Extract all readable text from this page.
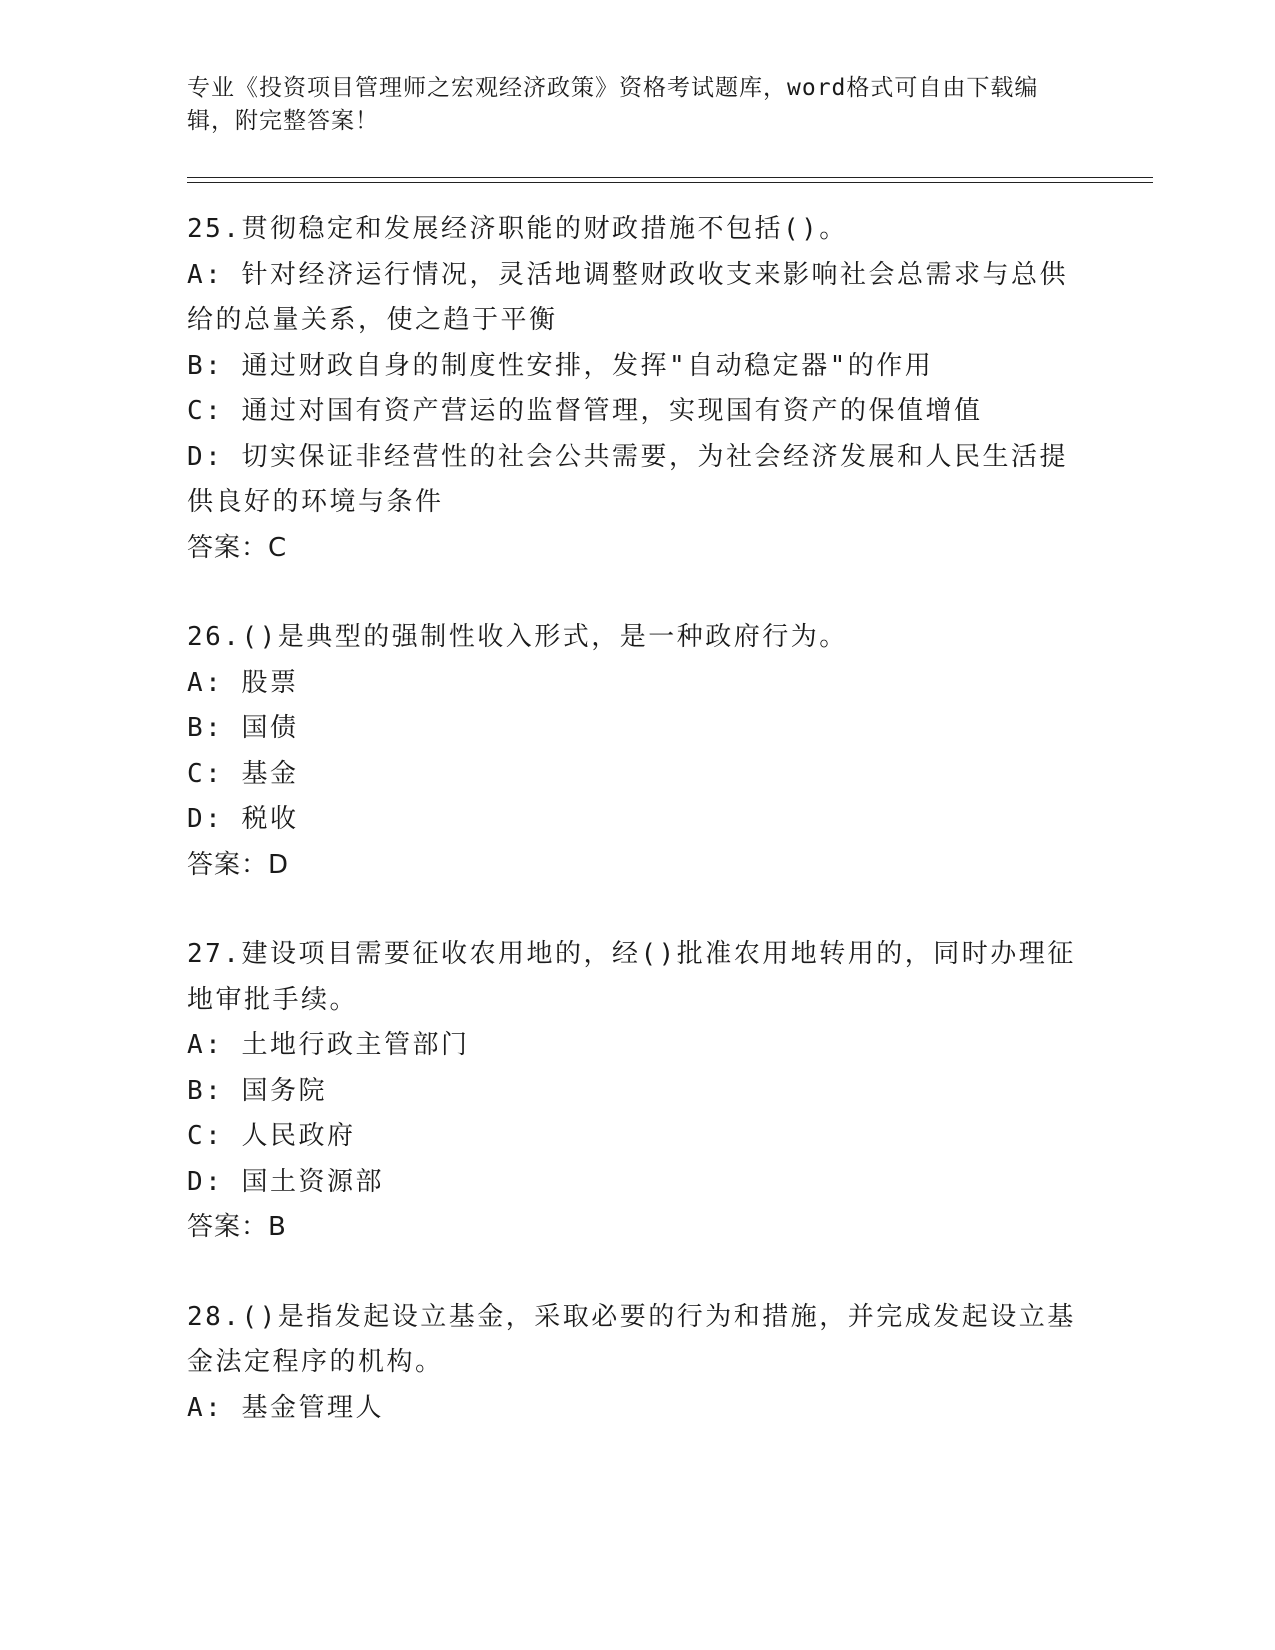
专业《投资项目管理师之宏观经济政策》资格考试题库，word格式可自由下载编
辑，附完整答案！

25.贯彻稳定和发展经济职能的财政措施不包括()。

A: 针对经济运行情况，灵活地调整财政收支来影响社会总需求与总供

给的总量关系，使之趋于平衡

B: 通过财政自身的制度性安排，发挥"自动稳定器"的作用

C: 通过对国有资产营运的监督管理，实现国有资产的保值增值

D: 切实保证非经营性的社会公共需要，为社会经济发展和人民生活提

供良好的环境与条件

答案：C

26.()是典型的强制性收入形式，是一种政府行为。

A: 股票

B: 国债

C: 基金

D: 税收

答案：D

27.建设项目需要征收农用地的，经()批准农用地转用的，同时办理征

地审批手续。

A: 土地行政主管部门

B: 国务院

C: 人民政府

D: 国土资源部

答案：B

28.()是指发起设立基金，采取必要的行为和措施，并完成发起设立基

金法定程序的机构。

A: 基金管理人
